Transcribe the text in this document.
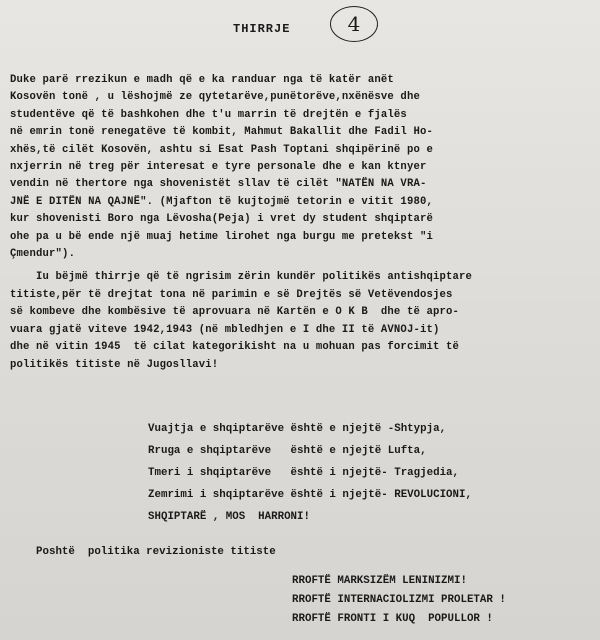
THIRRJE	4

Duke parë rrezikun e madh që e ka randuar nga të katër anët

Kosovën tonë , u lëshojmë ze qytetarëve,punëtorëve,nxënësve dhe

studentëve që të bashkohen dhe t'u marrin të drejtën e fjalës

në emrin tonë renegatëve të kombit, Mahmut Bakallit dhe Fadil Ho-

xhës,të cilët Kosovën, ashtu si Esat Pash Toptani shqipërinë po e

nxjerrin në treg për interesat e tyre personale dhe e kan ktnyer

vendin në thertore nga shovenistët sllav të cilët "NATËN NA VRA-

JNË E DITËN NA QAJNË". (Mjafton të kujtojmë tetorin e vitit 1980,

kur shovenisti Boro nga Lëvosha(Peja) i vret dy student shqiptarë

ohe pa u bë ende një muaj hetime lirohet nga burgu me pretekst "i

Çmendur").

Iu bëjmë thirrje që të ngrisim zërin kundër politikës antishqiptare

titiste,për të drejtat tona në parimin e së Drejtës së Vetëvendosjes

së kombeve dhe kombësive të aprovuara në Kartën e O K B  dhe të aprо-

vuara gjatë viteve 1942,1943 (në mbledhjen e I dhe II të AVNOJ-it)

dhe në vitin 1945  të cilat kategorikisht na u mohuan pas forcimit të

politikës titiste në Jugosllavi!

Vuajtja e shqiptarëve është e njejtë -Shtypja,

Rruga e shqiptarëve   është e njejtë Lufta,

Tmeri i shqiptarëve   është i njejtë- Tragjedia,

Zemrimi i shqiptarëve është i njejtë- REVOLUCIONI,

SHQIPTARË , MOS  HARRONI!

Poshtë  politika revizioniste titiste

RROFTË MARKSIZËM LENINIZMI!

RROFTË INTERNACIOLIZMI PROLETAR !

RROFTË FRONTI I KUQ  POPULLOR !
